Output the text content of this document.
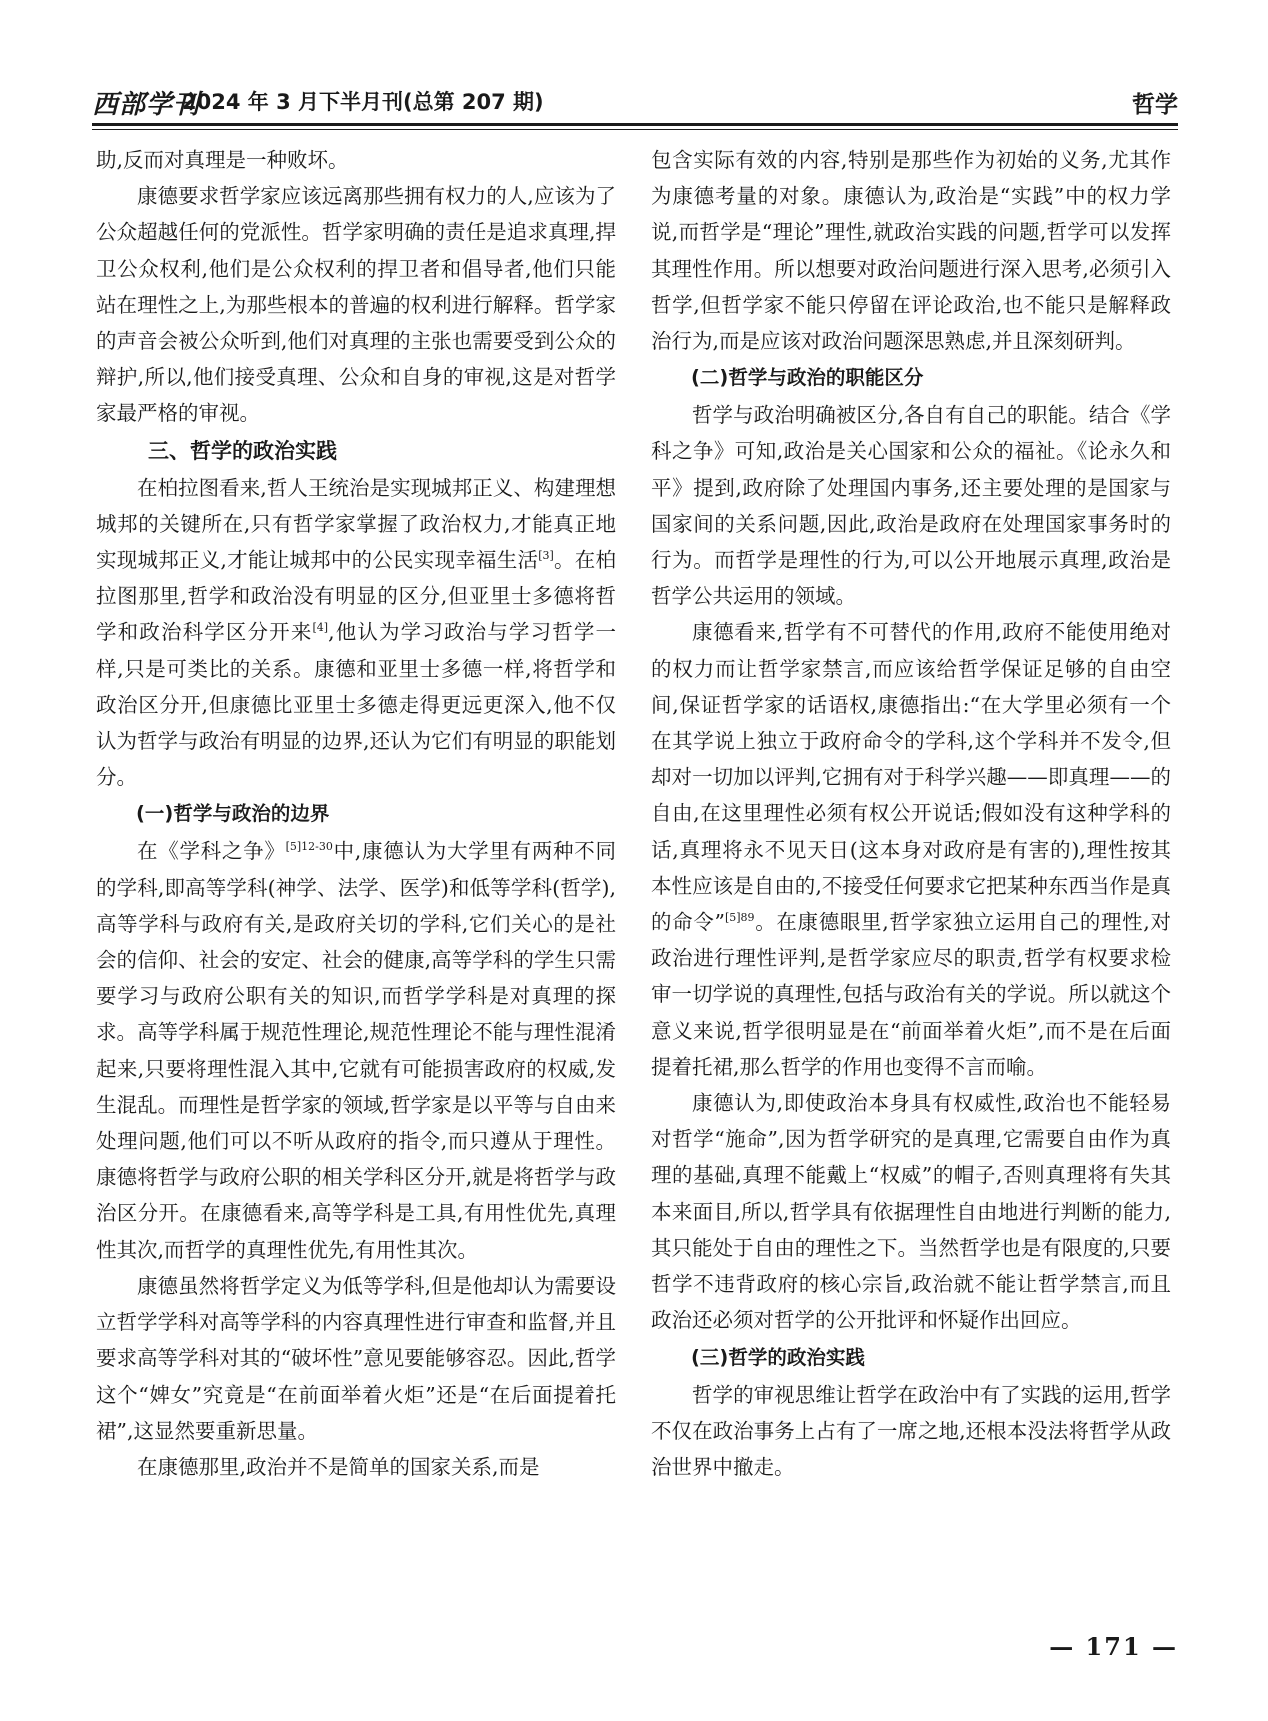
西部学刊
2024 年 3 月下半月刊(总第 207 期)	哲学

助,反而对真理是一种败坏。

康德要求哲学家应该远离那些拥有权力的人,应该为了公众超越任何的党派性。哲学家明确的责任是追求真理,捍卫公众权利,他们是公众权利的捍卫者和倡导者,他们只能站在理性之上,为那些根本的普遍的权利进行解释。哲学家的声音会被公众听到,他们对真理的主张也需要受到公众的辩护,所以,他们接受真理、公众和自身的审视,这是对哲学家最严格的审视。

三、哲学的政治实践

在柏拉图看来,哲人王统治是实现城邦正义、构建理想城邦的关键所在,只有哲学家掌握了政治权力,才能真正地实现城邦正义,才能让城邦中的公民实现幸福生活[3]。在柏拉图那里,哲学和政治没有明显的区分,但亚里士多德将哲学和政治科学区分开来[4],他认为学习政治与学习哲学一样,只是可类比的关系。康德和亚里士多德一样,将哲学和政治区分开,但康德比亚里士多德走得更远更深入,他不仅认为哲学与政治有明显的边界,还认为它们有明显的职能划分。

(一)哲学与政治的边界

在《学科之争》$^{[5]12-30}$中,康德认为大学里有两种不同的学科,即高等学科(神学、法学、医学)和低等学科(哲学),高等学科与政府有关,是政府关切的学科,它们关心的是社会的信仰、社会的安定、社会的健康,高等学科的学生只需要学习与政府公职有关的知识,而哲学学科是对真理的探求。高等学科属于规范性理论,规范性理论不能与理性混淆起来,只要将理性混入其中,它就有可能损害政府的权威,发生混乱。而理性是哲学家的领域,哲学家是以平等与自由来处理问题,他们可以不听从政府的指令,而只遵从于理性。康德将哲学与政府公职的相关学科区分开,就是将哲学与政治区分开。在康德看来,高等学科是工具,有用性优先,真理性其次,而哲学的真理性优先,有用性其次。

康德虽然将哲学定义为低等学科,但是他却认为需要设立哲学学科对高等学科的内容真理性进行审查和监督,并且要求高等学科对其的“破坏性”意见要能够容忍。因此,哲学这个“婢女”究竟是“在前面举着火炬”还是“在后面提着托裙”,这显然要重新思量。

在康德那里,政治并不是简单的国家关系,而是

包含实际有效的内容,特别是那些作为初始的义务,尤其作为康德考量的对象。康德认为,政治是“实践”中的权力学说,而哲学是“理论”理性,就政治实践的问题,哲学可以发挥其理性作用。所以想要对政治问题进行深入思考,必须引入哲学,但哲学家不能只停留在评论政治,也不能只是解释政治行为,而是应该对政治问题深思熟虑,并且深刻研判。

(二)哲学与政治的职能区分

哲学与政治明确被区分,各自有自己的职能。结合《学科之争》可知,政治是关心国家和公众的福祉。《论永久和平》提到,政府除了处理国内事务,还主要处理的是国家与国家间的关系问题,因此,政治是政府在处理国家事务时的行为。而哲学是理性的行为,可以公开地展示真理,政治是哲学公共运用的领域。

康德看来,哲学有不可替代的作用,政府不能使用绝对的权力而让哲学家禁言,而应该给哲学保证足够的自由空间,保证哲学家的话语权,康德指出:“在大学里必须有一个在其学说上独立于政府命令的学科,这个学科并不发令,但却对一切加以评判,它拥有对于科学兴趣——即真理——的自由,在这里理性必须有权公开说话;假如没有这种学科的话,真理将永不见天日(这本身对政府是有害的),理性按其本性应该是自由的,不接受任何要求它把某种东西当作是真的命令”$^{[5]89}$。在康德眼里,哲学家独立运用自己的理性,对政治进行理性评判,是哲学家应尽的职责,哲学有权要求检审一切学说的真理性,包括与政治有关的学说。所以就这个意义来说,哲学很明显是在“前面举着火炬”,而不是在后面提着托裙,那么哲学的作用也变得不言而喻。

康德认为,即使政治本身具有权威性,政治也不能轻易对哲学“施命”,因为哲学研究的是真理,它需要自由作为真理的基础,真理不能戴上“权威”的帽子,否则真理将有失其本来面目,所以,哲学具有依据理性自由地进行判断的能力,其只能处于自由的理性之下。当然哲学也是有限度的,只要哲学不违背政府的核心宗旨,政治就不能让哲学禁言,而且政治还必须对哲学的公开批评和怀疑作出回应。

(三)哲学的政治实践

哲学的审视思维让哲学在政治中有了实践的运用,哲学不仅在政治事务上占有了一席之地,还根本没法将哲学从政治世界中撤走。

— 171 —
